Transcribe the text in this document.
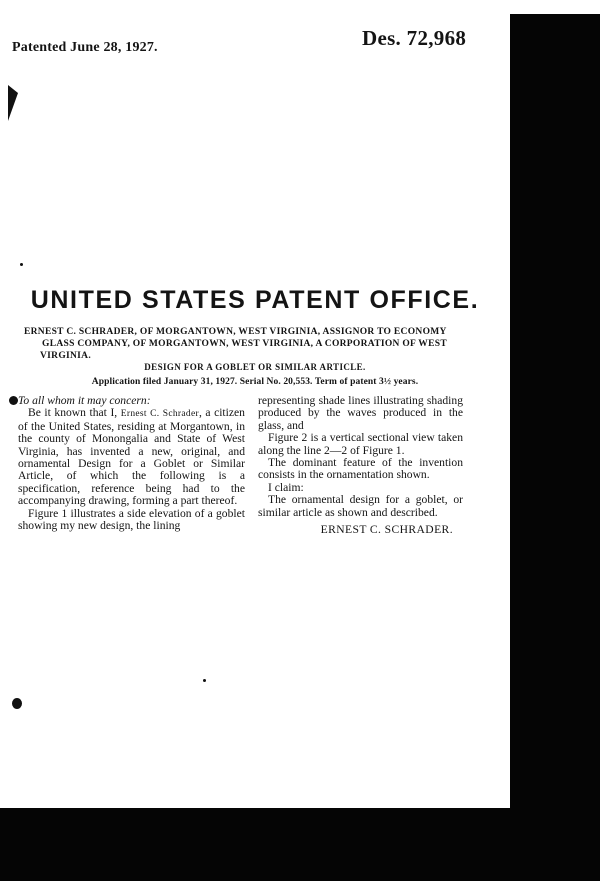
Patented June 28, 1927.	Des. 72,968
UNITED STATES PATENT OFFICE.
ERNEST C. SCHRADER, OF MORGANTOWN, WEST VIRGINIA, ASSIGNOR TO ECONOMY
GLASS COMPANY, OF MORGANTOWN, WEST VIRGINIA, A CORPORATION OF WEST
VIRGINIA.
DESIGN FOR A GOBLET OR SIMILAR ARTICLE.
Application filed January 31, 1927. Serial No. 20,553. Term of patent 3½ years.

To all whom it may concern:

Be it known that I, Ernest C. Schrader, a citizen of the United States, residing at Morgantown, in the county of Monongalia and State of West Virginia, has invented a new, original, and ornamental Design for a Goblet or Similar Article, of which the following is a specification, reference being had to the accompanying drawing, forming a part thereof.

Figure 1 illustrates a side elevation of a goblet showing my new design, the lining

representing shade lines illustrating shading produced by the waves produced in the glass, and

Figure 2 is a vertical sectional view taken along the line 2—2 of Figure 1.

The dominant feature of the invention consists in the ornamentation shown.

I claim:

The ornamental design for a goblet, or similar article as shown and described.

ERNEST C. SCHRADER.
